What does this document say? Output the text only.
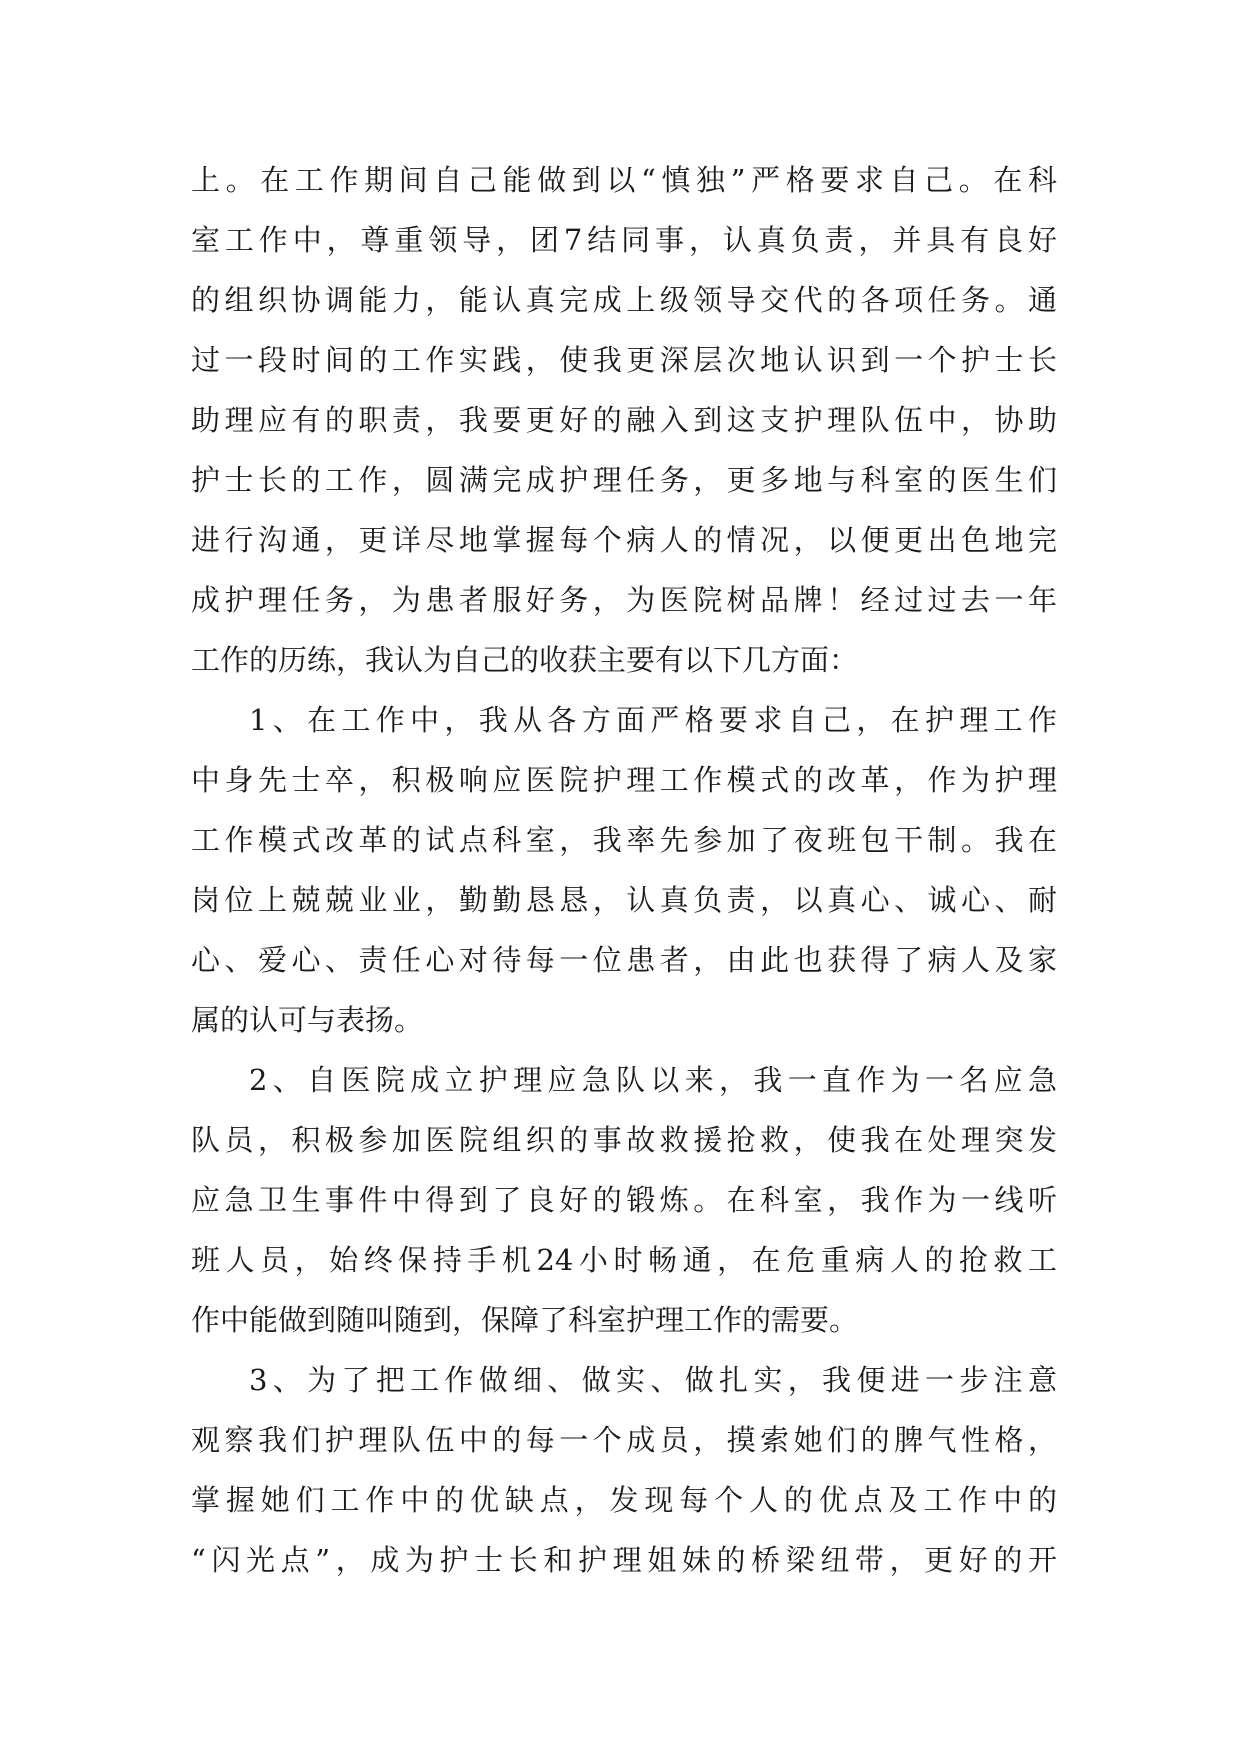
上。在工作期间自己能做到以“慎独”严格要求自己。在科
室工作中，尊重领导，团7结同事，认真负责，并具有良好
的组织协调能力，能认真完成上级领导交代的各项任务。通
过一段时间的工作实践，使我更深层次地认识到一个护士长
助理应有的职责，我要更好的融入到这支护理队伍中，协助
护士长的工作，圆满完成护理任务，更多地与科室的医生们
进行沟通，更详尽地掌握每个病人的情况，以便更出色地完
成护理任务，为患者服好务，为医院树品牌！经过过去一年
工作的历练，我认为自己的收获主要有以下几方面：
1、在工作中，我从各方面严格要求自己，在护理工作
中身先士卒，积极响应医院护理工作模式的改革，作为护理
工作模式改革的试点科室，我率先参加了夜班包干制。我在
岗位上兢兢业业，勤勤恳恳，认真负责，以真心、诚心、耐
心、爱心、责任心对待每一位患者，由此也获得了病人及家
属的认可与表扬。
2、自医院成立护理应急队以来，我一直作为一名应急
队员，积极参加医院组织的事故救援抢救，使我在处理突发
应急卫生事件中得到了良好的锻炼。在科室，我作为一线听
班人员，始终保持手机24小时畅通，在危重病人的抢救工
作中能做到随叫随到，保障了科室护理工作的需要。
3、为了把工作做细、做实、做扎实，我便进一步注意
观察我们护理队伍中的每一个成员，摸索她们的脾气性格，
掌握她们工作中的优缺点，发现每个人的优点及工作中的
“闪光点”，成为护士长和护理姐妹的桥梁纽带，更好的开
